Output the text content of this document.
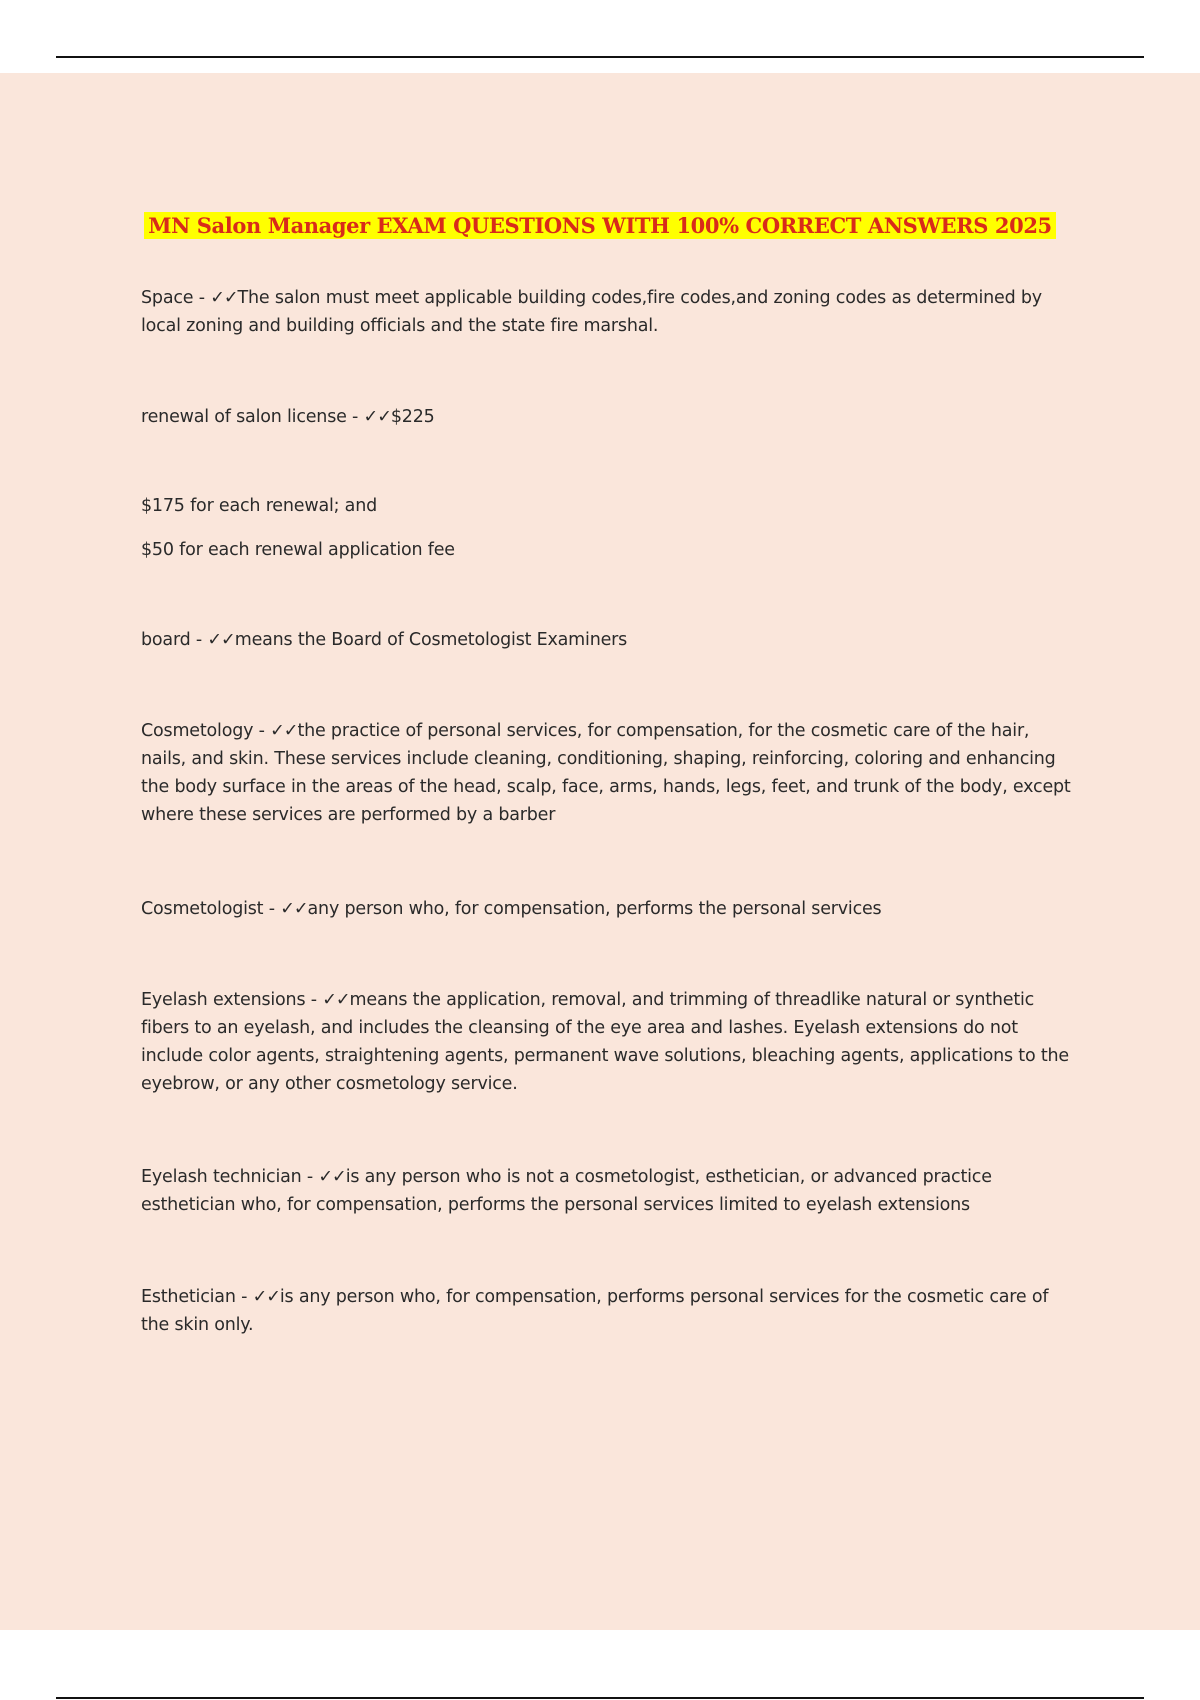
MN Salon Manager EXAM QUESTIONS WITH 100% CORRECT ANSWERS 2025

Space - ✓✓The salon must meet applicable building codes,fire codes,and zoning codes as determined by local zoning and building officials and the state fire marshal.

renewal of salon license - ✓✓$225

$175 for each renewal; and

$50 for each renewal application fee

board - ✓✓means the Board of Cosmetologist Examiners

Cosmetology - ✓✓the practice of personal services, for compensation, for the cosmetic care of the hair, nails, and skin. These services include cleaning, conditioning, shaping, reinforcing, coloring and enhancing the body surface in the areas of the head, scalp, face, arms, hands, legs, feet, and trunk of the body, except where these services are performed by a barber

Cosmetologist - ✓✓any person who, for compensation, performs the personal services

Eyelash extensions - ✓✓means the application, removal, and trimming of threadlike natural or synthetic fibers to an eyelash, and includes the cleansing of the eye area and lashes. Eyelash extensions do not include color agents, straightening agents, permanent wave solutions, bleaching agents, applications to the eyebrow, or any other cosmetology service.

Eyelash technician - ✓✓is any person who is not a cosmetologist, esthetician, or advanced practice esthetician who, for compensation, performs the personal services limited to eyelash extensions

Esthetician - ✓✓is any person who, for compensation, performs personal services for the cosmetic care of the skin only.
